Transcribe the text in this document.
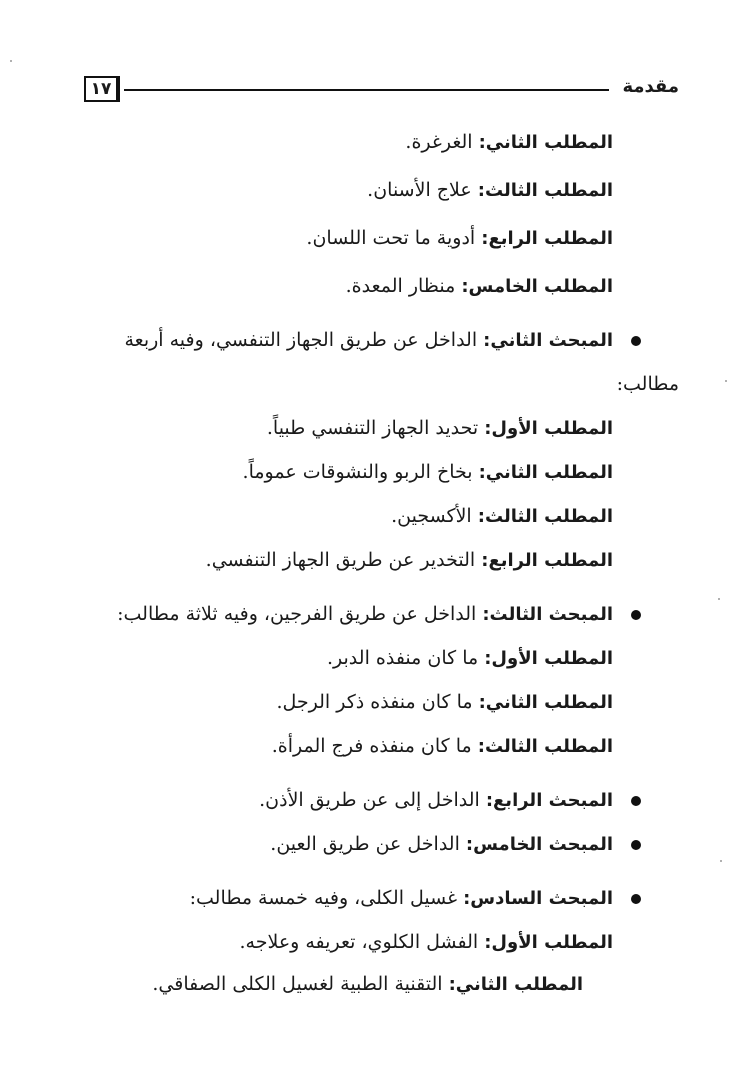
١٧	مقدمة
المطلب الثاني: الغرغرة.
المطلب الثالث: علاج الأسنان.
المطلب الرابع: أدوية ما تحت اللسان.
المطلب الخامس: منظار المعدة.
المبحث الثاني: الداخل عن طريق الجهاز التنفسي، وفيه أربعة
مطالب:
المطلب الأول: تحديد الجهاز التنفسي طبياً.
المطلب الثاني: بخاخ الربو والنشوقات عموماً.
المطلب الثالث: الأكسجين.
المطلب الرابع: التخدير عن طريق الجهاز التنفسي.
المبحث الثالث: الداخل عن طريق الفرجين، وفيه ثلاثة مطالب:
المطلب الأول: ما كان منفذه الدبر.
المطلب الثاني: ما كان منفذه ذكر الرجل.
المطلب الثالث: ما كان منفذه فرج المرأة.
المبحث الرابع: الداخل إلى عن طريق الأذن.
المبحث الخامس: الداخل عن طريق العين.
المبحث السادس: غسيل الكلى، وفيه خمسة مطالب:
المطلب الأول: الفشل الكلوي، تعريفه وعلاجه.
المطلب الثاني: التقنية الطبية لغسيل الكلى الصفاقي.
